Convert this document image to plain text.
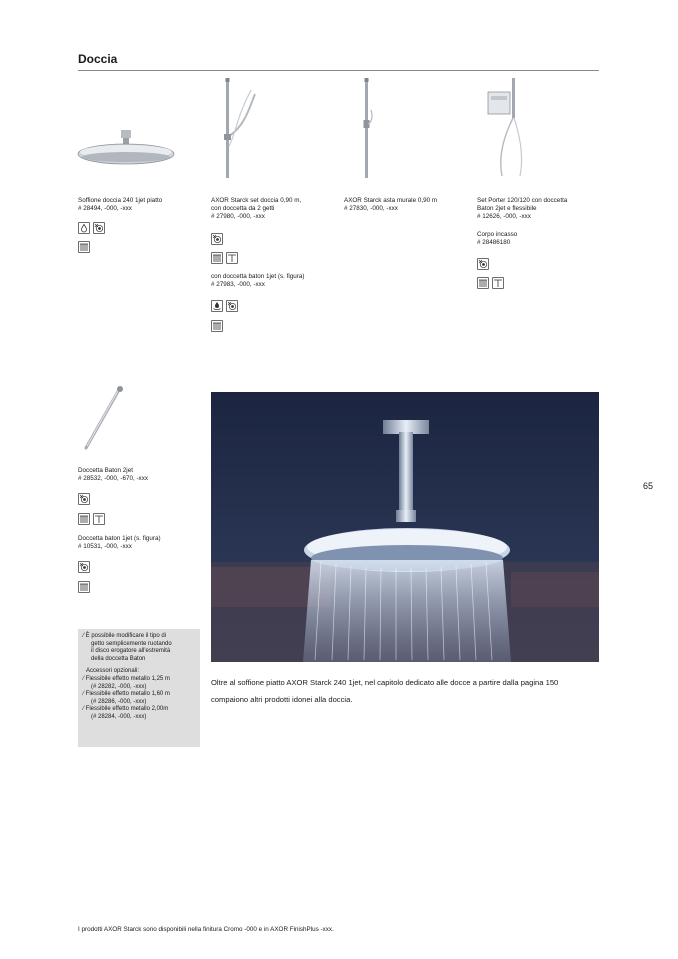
Doccia
Soffione doccia 240 1jet piatto
# 28494, -000, -xxx
AXOR Starck set doccia 0,90 m,
con doccetta da 2 getti
# 27980, -000, -xxx
con doccetta baton 1jet (s. figura)
# 27983, -000, -xxx
AXOR Starck asta murale 0,90 m
# 27830, -000, -xxx
Set Porter 120/120 con doccetta
Baton 2jet e flessibile
# 12626, -000, -xxx
Corpo incasso
# 28486180
Doccetta Baton 2jet
# 28532, -000, -670, -xxx
Doccetta baton 1jet (s. figura)
# 10531, -000, -xxx
65
⁄ È possibile modificare il tipo di
getto semplicemente ruotando
il disco erogatore all'estremità
della doccetta Baton
Accessori opzionali:
⁄ Flessibile effetto metallo 1,25 m
(# 28282, -000, -xxx)
⁄ Flessibile effetto metallo 1,60 m
(# 28286, -000, -xxx)
⁄ Flessibile effetto metallo 2,00m
(# 28284, -000, -xxx)
Oltre al soffione piatto AXOR Starck 240 1jet, nel capitolo dedicato alle docce a partire dalla pagina 150
compaiono altri prodotti idonei alla doccia.
I prodotti AXOR Starck sono disponibili nella finitura Cromo -000 e in AXOR FinishPlus -xxx.
